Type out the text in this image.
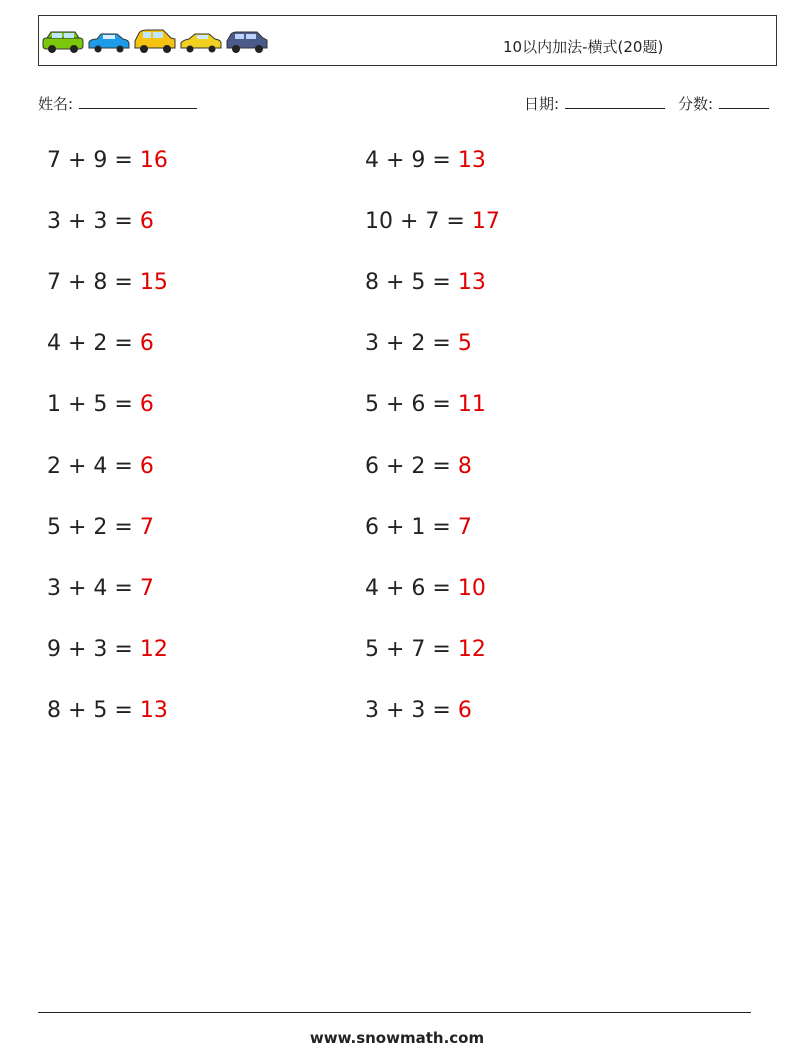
10以内加法-横式(20题)
姓名:	日期:	分数:
7 + 9 = 16
3 + 3 = 6
7 + 8 = 15
4 + 2 = 6
1 + 5 = 6
2 + 4 = 6
5 + 2 = 7
3 + 4 = 7
9 + 3 = 12
8 + 5 = 13
4 + 9 = 13
10 + 7 = 17
8 + 5 = 13
3 + 2 = 5
5 + 6 = 11
6 + 2 = 8
6 + 1 = 7
4 + 6 = 10
5 + 7 = 12
3 + 3 = 6
www.snowmath.com
